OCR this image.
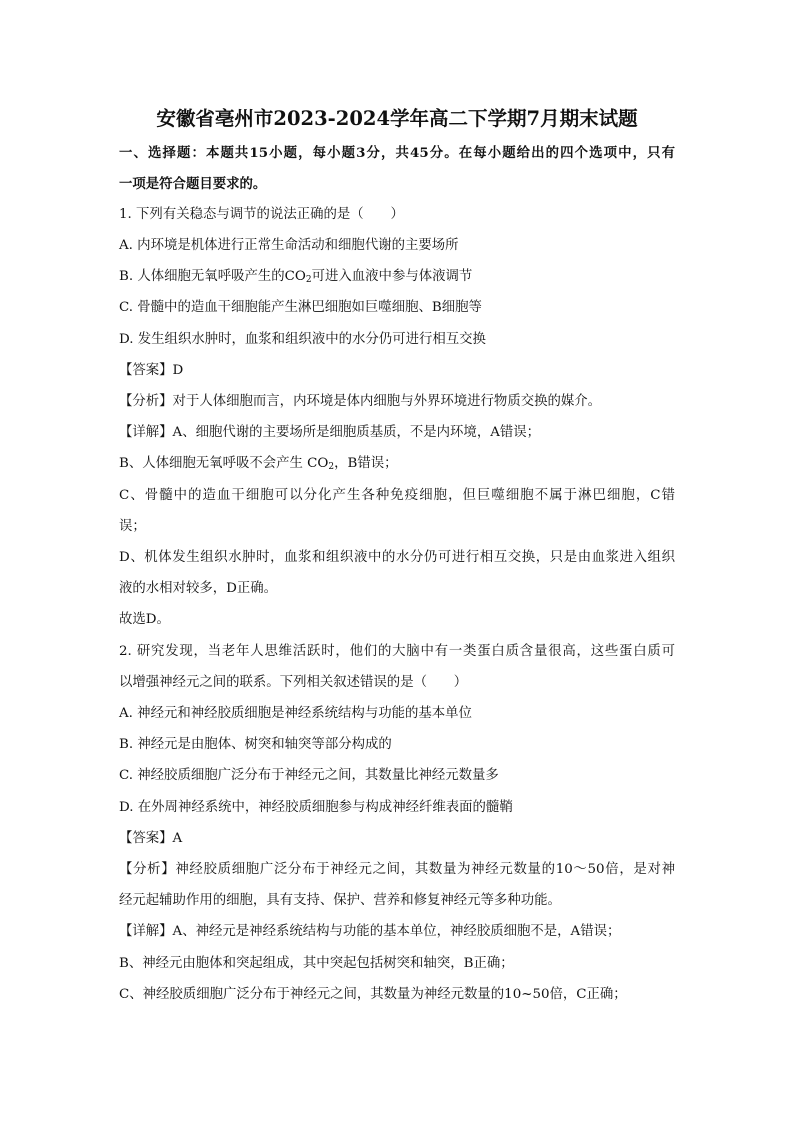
安徽省亳州市2023-2024学年高二下学期7月期末试题
一、选择题：本题共15小题，每小题3分，共45分。在每小题给出的四个选项中，只有
一项是符合题目要求的。
1. 下列有关稳态与调节的说法正确的是（　　）
A. 内环境是机体进行正常生命活动和细胞代谢的主要场所
B. 人体细胞无氧呼吸产生的$CO_2$可进入血液中参与体液调节
C. 骨髓中的造血干细胞能产生淋巴细胞如巨噬细胞、B细胞等
D. 发生组织水肿时，血浆和组织液中的水分仍可进行相互交换
【答案】D
【分析】对于人体细胞而言，内环境是体内细胞与外界环境进行物质交换的媒介。
【详解】A、细胞代谢的主要场所是细胞质基质，不是内环境，A错误；
B、人体细胞无氧呼吸不会产生 $CO_2$，B错误；
C、骨髓中的造血干细胞可以分化产生各种免疫细胞，但巨噬细胞不属于淋巴细胞，C错
误；
D、机体发生组织水肿时，血浆和组织液中的水分仍可进行相互交换，只是由血浆进入组织
液的水相对较多，D正确。
故选D。
2. 研究发现，当老年人思维活跃时，他们的大脑中有一类蛋白质含量很高，这些蛋白质可
以增强神经元之间的联系。下列相关叙述错误的是（　　）
A. 神经元和神经胶质细胞是神经系统结构与功能的基本单位
B. 神经元是由胞体、树突和轴突等部分构成的
C. 神经胶质细胞广泛分布于神经元之间，其数量比神经元数量多
D. 在外周神经系统中，神经胶质细胞参与构成神经纤维表面的髓鞘
【答案】A
【分析】神经胶质细胞广泛分布于神经元之间，其数量为神经元数量的10～50倍，是对神
经元起辅助作用的细胞，具有支持、保护、营养和修复神经元等多种功能。
【详解】A、神经元是神经系统结构与功能的基本单位，神经胶质细胞不是，A错误；
B、神经元由胞体和突起组成，其中突起包括树突和轴突，B正确；
C、神经胶质细胞广泛分布于神经元之间，其数量为神经元数量的10~50倍，C正确；
